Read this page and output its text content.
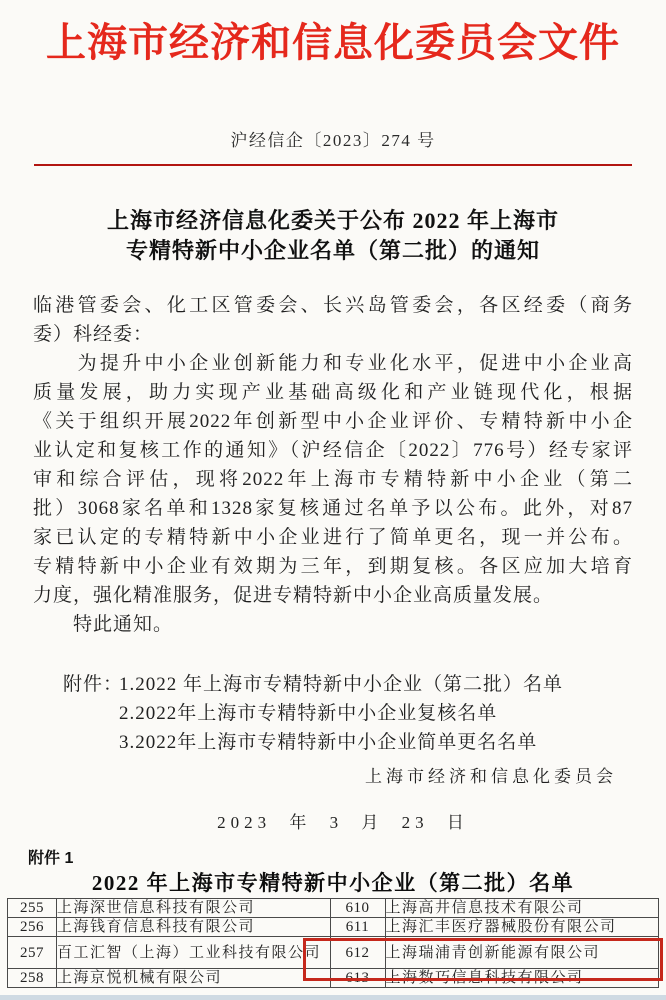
上海市经济和信息化委员会文件
沪经信企〔2023〕274 号
上海市经济信息化委关于公布 2022 年上海市
专精特新中小企业名单（第二批）的通知
临港管委会、化工区管委会、长兴岛管委会，各区经委（商务
委）科经委：
　　为提升中小企业创新能力和专业化水平，促进中小企业高
质量发展，助力实现产业基础高级化和产业链现代化，根据
《关于组织开展2022年创新型中小企业评价、专精特新中小企
业认定和复核工作的通知》（沪经信企〔2022〕776号）经专家评
审和综合评估，现将2022年上海市专精特新中小企业（第二
批）3068家名单和1328家复核通过名单予以公布。此外，对87
家已认定的专精特新中小企业进行了简单更名，现一并公布。
专精特新中小企业有效期为三年，到期复核。各区应加大培育
力度，强化精准服务，促进专精特新中小企业高质量发展。
　　特此通知。
附件：
1.2022 年上海市专精特新中小企业（第二批）名单
2.2022年上海市专精特新中小企业复核名单
3.2022年上海市专精特新中小企业简单更名名单
上海市经济和信息化委员会
2023 年 3 月 23 日
附件 1
2022 年上海市专精特新中小企业（第二批）名单
255	上海深世信息科技有限公司	610	上海高井信息技术有限公司
256	上海钱育信息科技有限公司	611	上海汇丰医疗器械股份有限公司
257	百工汇智（上海）工业科技有限公司	612	上海瑞浦青创新能源有限公司
258	上海京悦机械有限公司	613	上海数巧信息科技有限公司
